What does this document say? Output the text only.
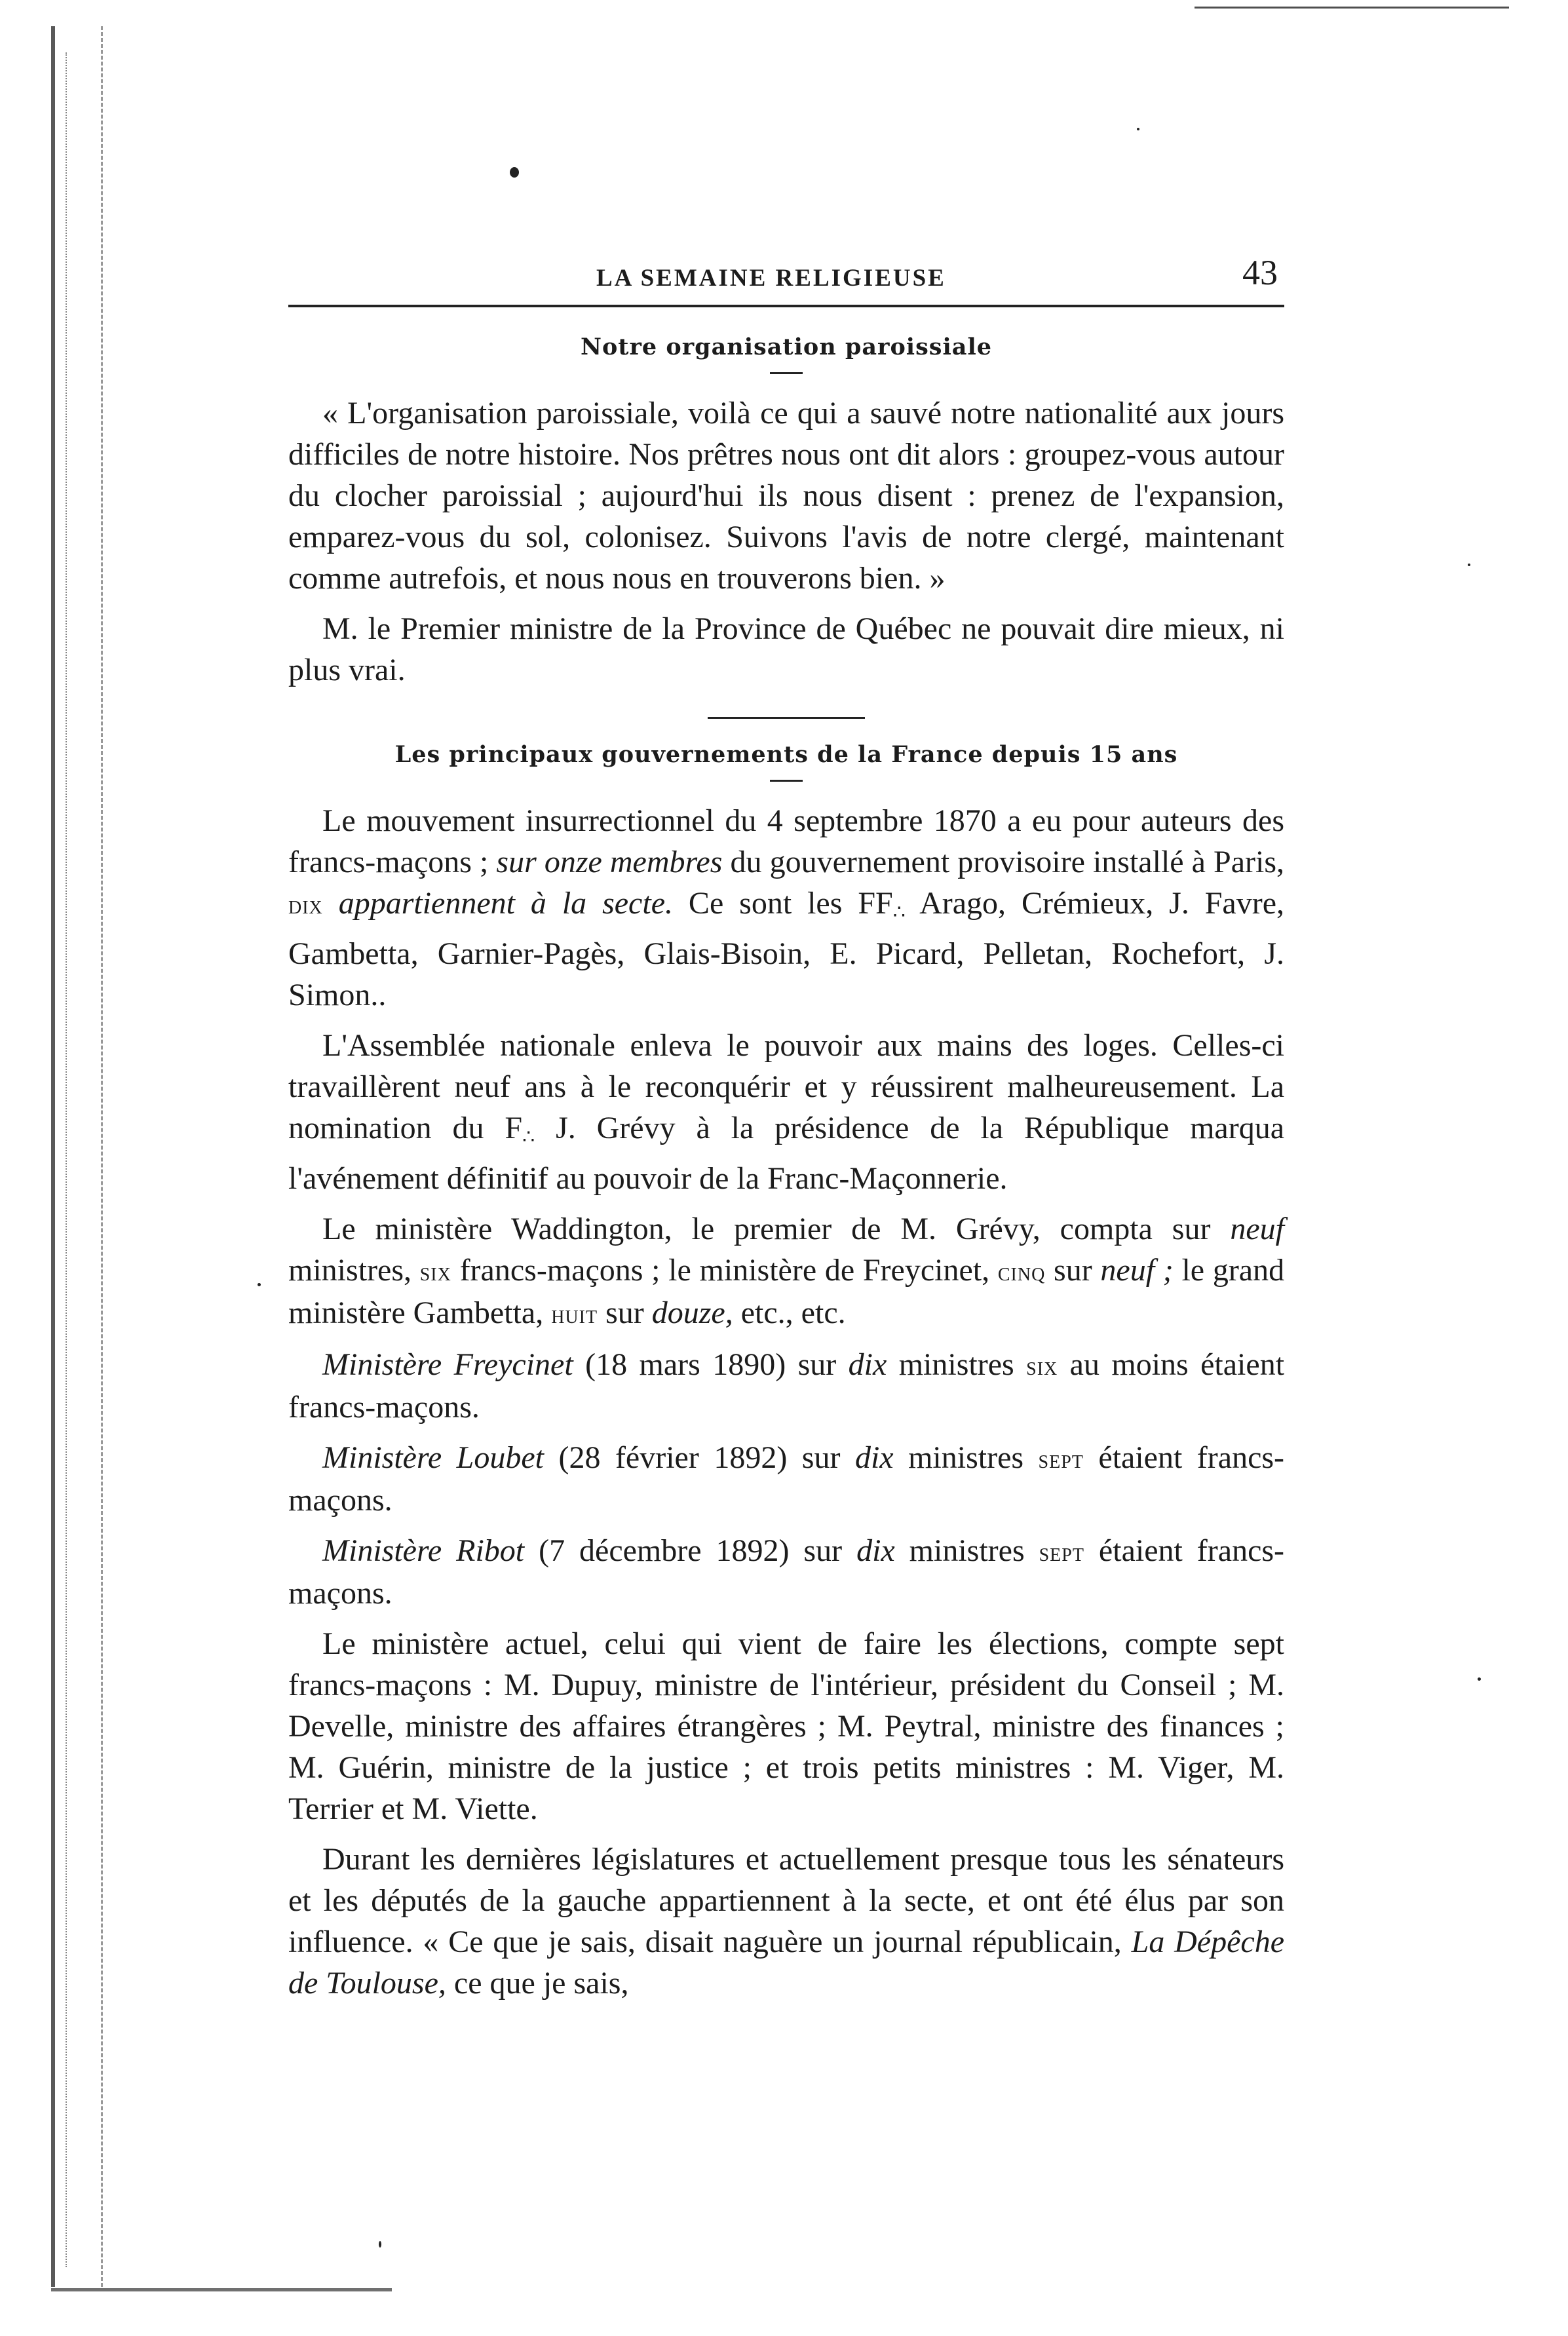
LA SEMAINE RELIGIEUSE	43
Notre organisation paroissiale

« L'organisation paroissiale, voilà ce qui a sauvé notre nationalité aux jours difficiles de notre histoire. Nos prêtres nous ont dit alors : groupez-vous autour du clocher paroissial ; aujourd'hui ils nous disent : prenez de l'expansion, emparez-vous du sol, colonisez. Suivons l'avis de notre clergé, maintenant comme autrefois, et nous nous en trouverons bien. »

M. le Premier ministre de la Province de Québec ne pouvait dire mieux, ni plus vrai.

Les principaux gouvernements de la France depuis 15 ans

Le mouvement insurrectionnel du 4 septembre 1870 a eu pour auteurs des francs-maçons ; sur onze membres du gouvernement provisoire installé à Paris, dix appartiennent à la secte. Ce sont les $FF_\therefore$ Arago, Crémieux, J. Favre, Gambetta, Garnier-Pagès, Glais-Bisoin, E. Picard, Pelletan, Rochefort, J. Simon..

L'Assemblée nationale enleva le pouvoir aux mains des loges. Celles-ci travaillèrent neuf ans à le reconquérir et y réussirent malheureusement. La nomination du $F_\therefore$ J. Grévy à la présidence de la République marqua l'avénement définitif au pouvoir de la Franc-Maçonnerie.

Le ministère Waddington, le premier de M. Grévy, compta sur neuf ministres, six francs-maçons ; le ministère de Freycinet, cinq sur neuf ; le grand ministère Gambetta, huit sur douze, etc., etc.

Ministère Freycinet (18 mars 1890) sur dix ministres six au moins étaient francs-maçons.

Ministère Loubet (28 février 1892) sur dix ministres sept étaient francs-maçons.

Ministère Ribot (7 décembre 1892) sur dix ministres sept étaient francs-maçons.

Le ministère actuel, celui qui vient de faire les élections, compte sept francs-maçons : M. Dupuy, ministre de l'intérieur, président du Conseil ; M. Develle, ministre des affaires étrangères ; M. Peytral, ministre des finances ; M. Guérin, ministre de la justice ; et trois petits ministres : M. Viger, M. Terrier et M. Viette.

Durant les dernières législatures et actuellement presque tous les sénateurs et les députés de la gauche appartiennent à la secte, et ont été élus par son influence. « Ce que je sais, disait naguère un journal républicain, La Dépêche de Toulouse, ce que je sais,
